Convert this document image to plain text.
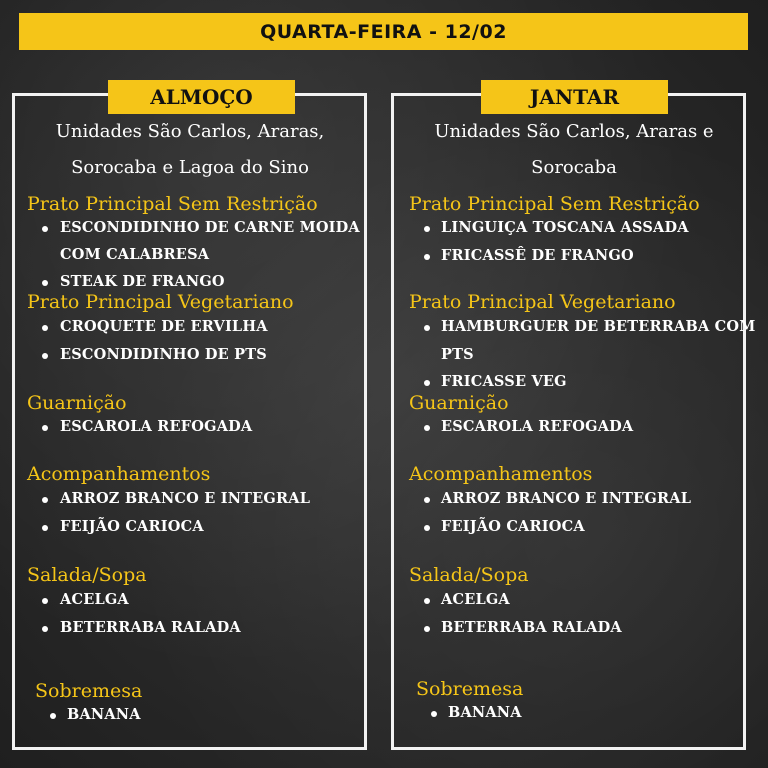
QUARTA-FEIRA - 12/02
ALMOÇO	JANTAR
Unidades São Carlos, Araras,
Sorocaba e Lagoa do Sino
Prato Principal Sem Restrição
ESCONDIDINHO DE CARNE MOIDA
COM CALABRESA
STEAK DE FRANGO
Prato Principal Vegetariano
CROQUETE DE ERVILHA
ESCONDIDINHO DE PTS
Guarnição
ESCAROLA REFOGADA
Acompanhamentos
ARROZ BRANCO E INTEGRAL
FEIJÃO CARIOCA
Salada/Sopa
ACELGA
BETERRABA RALADA
Sobremesa
BANANA
Unidades São Carlos, Araras e
Sorocaba
Prato Principal Sem Restrição
LINGUIÇA TOSCANA ASSADA
FRICASSÊ DE FRANGO
Prato Principal Vegetariano
HAMBURGUER DE BETERRABA COM
PTS
FRICASSE VEG
Guarnição
ESCAROLA REFOGADA
Acompanhamentos
ARROZ BRANCO E INTEGRAL
FEIJÃO CARIOCA
Salada/Sopa
ACELGA
BETERRABA RALADA
Sobremesa
BANANA
